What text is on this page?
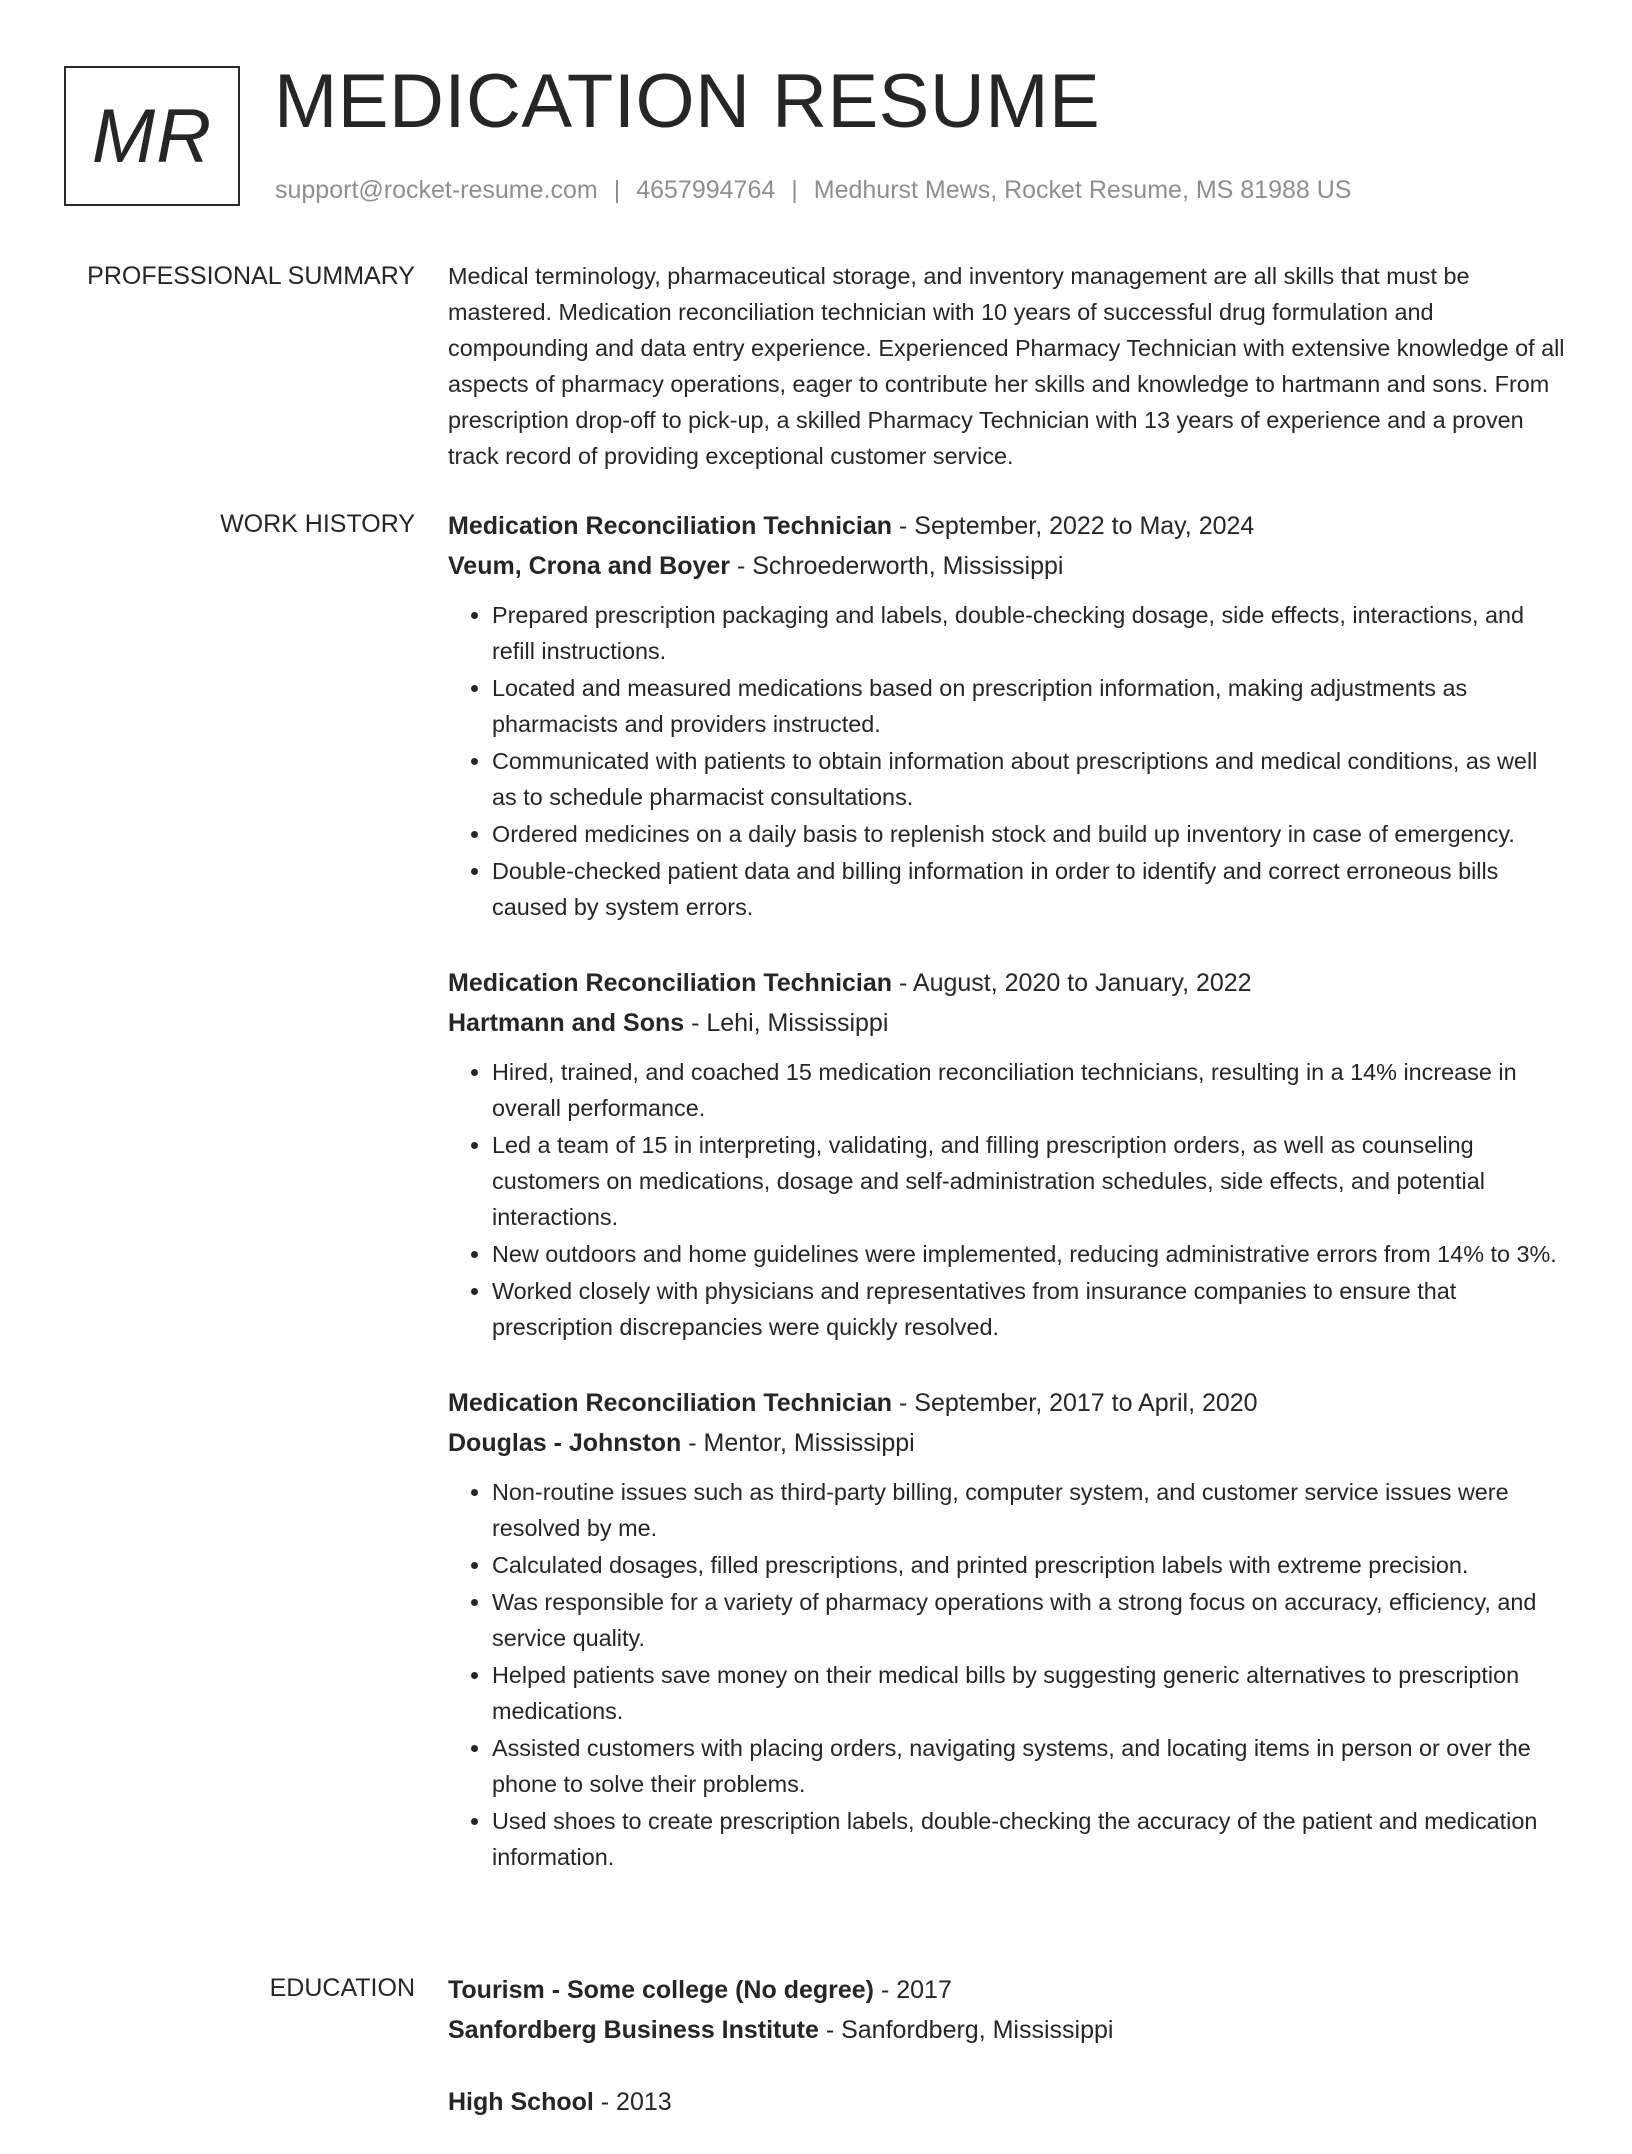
MR MEDICATION RESUME
support@rocket-resume.com | 4657994764 | Medhurst Mews, Rocket Resume, MS 81988 US
PROFESSIONAL SUMMARY Medical terminology, pharmaceutical storage, and inventory management are all skills that must be mastered. Medication reconciliation technician with 10 years of successful drug formulation and compounding and data entry experience. Experienced Pharmacy Technician with extensive knowledge of all aspects of pharmacy operations, eager to contribute her skills and knowledge to hartmann and sons. From prescription drop-off to pick-up, a skilled Pharmacy Technician with 13 years of experience and a proven track record of providing exceptional customer service.

WORK HISTORY Medication Reconciliation Technician - September, 2022 to May, 2024
Veum, Crona and Boyer - Schroederworth, Mississippi
• Prepared prescription packaging and labels, double-checking dosage, side effects, interactions, and refill instructions.
• Located and measured medications based on prescription information, making adjustments as pharmacists and providers instructed.
• Communicated with patients to obtain information about prescriptions and medical conditions, as well as to schedule pharmacist consultations.
• Ordered medicines on a daily basis to replenish stock and build up inventory in case of emergency.
• Double-checked patient data and billing information in order to identify and correct erroneous bills caused by system errors.
Medication Reconciliation Technician - August, 2020 to January, 2022
Hartmann and Sons - Lehi, Mississippi
• Hired, trained, and coached 15 medication reconciliation technicians, resulting in a 14% increase in overall performance.
• Led a team of 15 in interpreting, validating, and filling prescription orders, as well as counseling customers on medications, dosage and self-administration schedules, side effects, and potential interactions.
• New outdoors and home guidelines were implemented, reducing administrative errors from 14% to 3%.
• Worked closely with physicians and representatives from insurance companies to ensure that prescription discrepancies were quickly resolved.
Medication Reconciliation Technician - September, 2017 to April, 2020
Douglas - Johnston - Mentor, Mississippi
• Non-routine issues such as third-party billing, computer system, and customer service issues were resolved by me.
• Calculated dosages, filled prescriptions, and printed prescription labels with extreme precision.
• Was responsible for a variety of pharmacy operations with a strong focus on accuracy, efficiency, and service quality.
• Helped patients save money on their medical bills by suggesting generic alternatives to prescription medications.
• Assisted customers with placing orders, navigating systems, and locating items in person or over the phone to solve their problems.
• Used shoes to create prescription labels, double-checking the accuracy of the patient and medication information.
EDUCATION Tourism - Some college (No degree) - 2017
Sanfordberg Business Institute - Sanfordberg, Mississippi
High School - 2013
